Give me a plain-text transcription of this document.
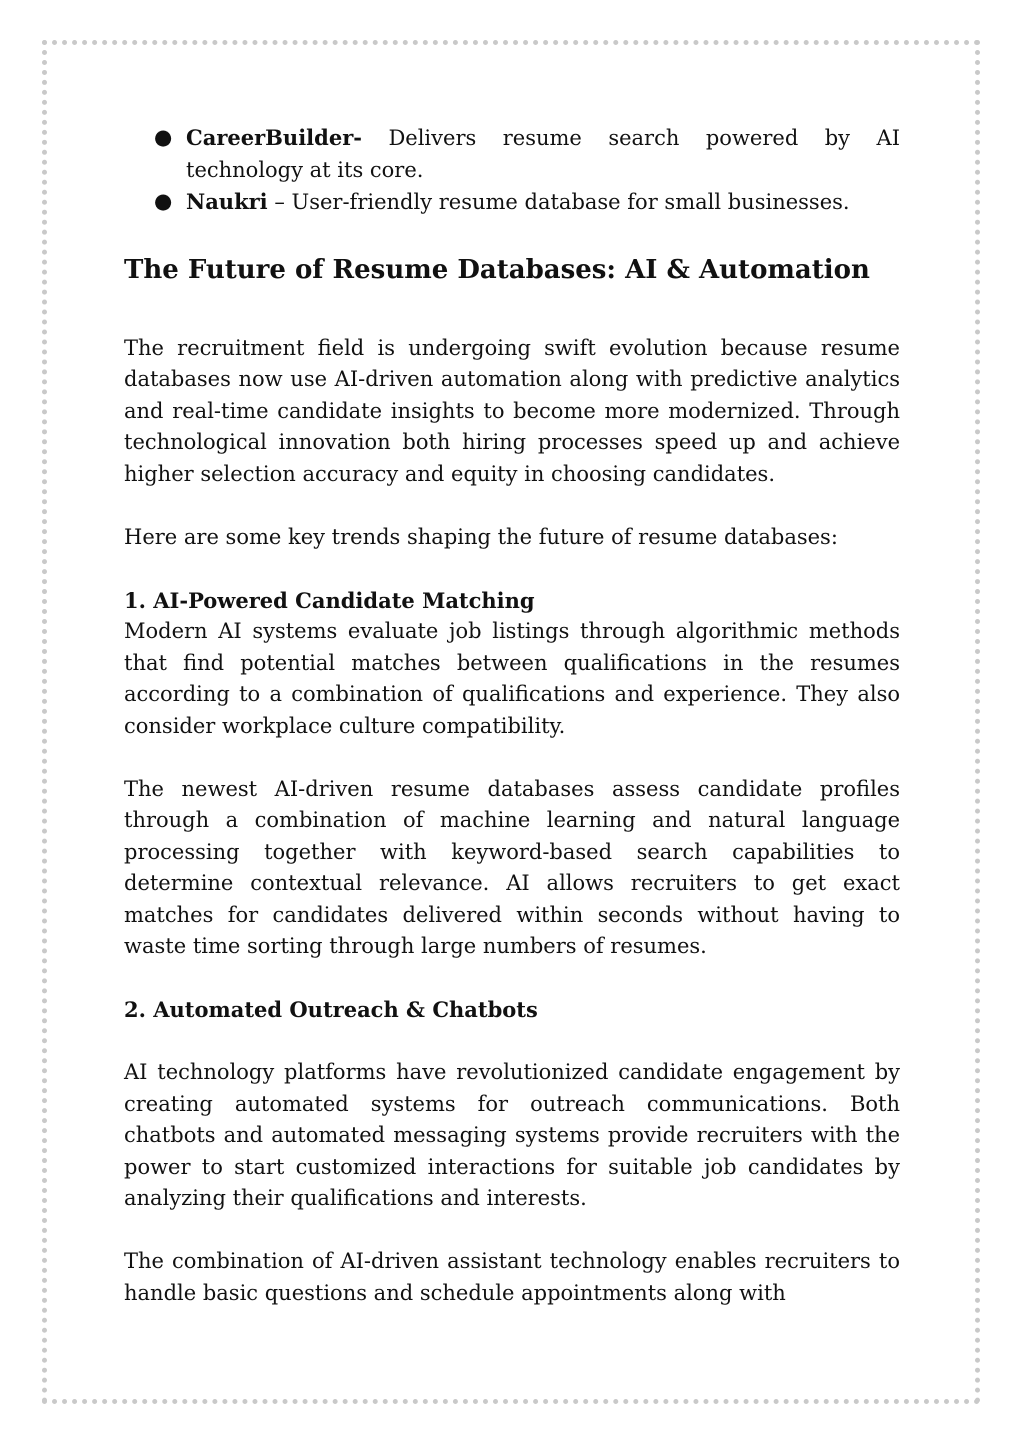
● CareerBuilder- Delivers resume search powered by AI technology at its core.
● Naukri – User-friendly resume database for small businesses.
The Future of Resume Databases: AI & Automation

The recruitment field is undergoing swift evolution because resume databases now use AI-driven automation along with predictive analytics and real-time candidate insights to become more modernized. Through technological innovation both hiring processes speed up and achieve higher selection accuracy and equity in choosing candidates.

Here are some key trends shaping the future of resume databases:

1. AI-Powered Candidate Matching

Modern AI systems evaluate job listings through algorithmic methods that find potential matches between qualifications in the resumes according to a combination of qualifications and experience. They also consider workplace culture compatibility.

The newest AI-driven resume databases assess candidate profiles through a combination of machine learning and natural language processing together with keyword-based search capabilities to determine contextual relevance. AI allows recruiters to get exact matches for candidates delivered within seconds without having to waste time sorting through large numbers of resumes.

2. Automated Outreach & Chatbots

AI technology platforms have revolutionized candidate engagement by creating automated systems for outreach communications. Both chatbots and automated messaging systems provide recruiters with the power to start customized interactions for suitable job candidates by analyzing their qualifications and interests.

The combination of AI-driven assistant technology enables recruiters to handle basic questions and schedule appointments along with
